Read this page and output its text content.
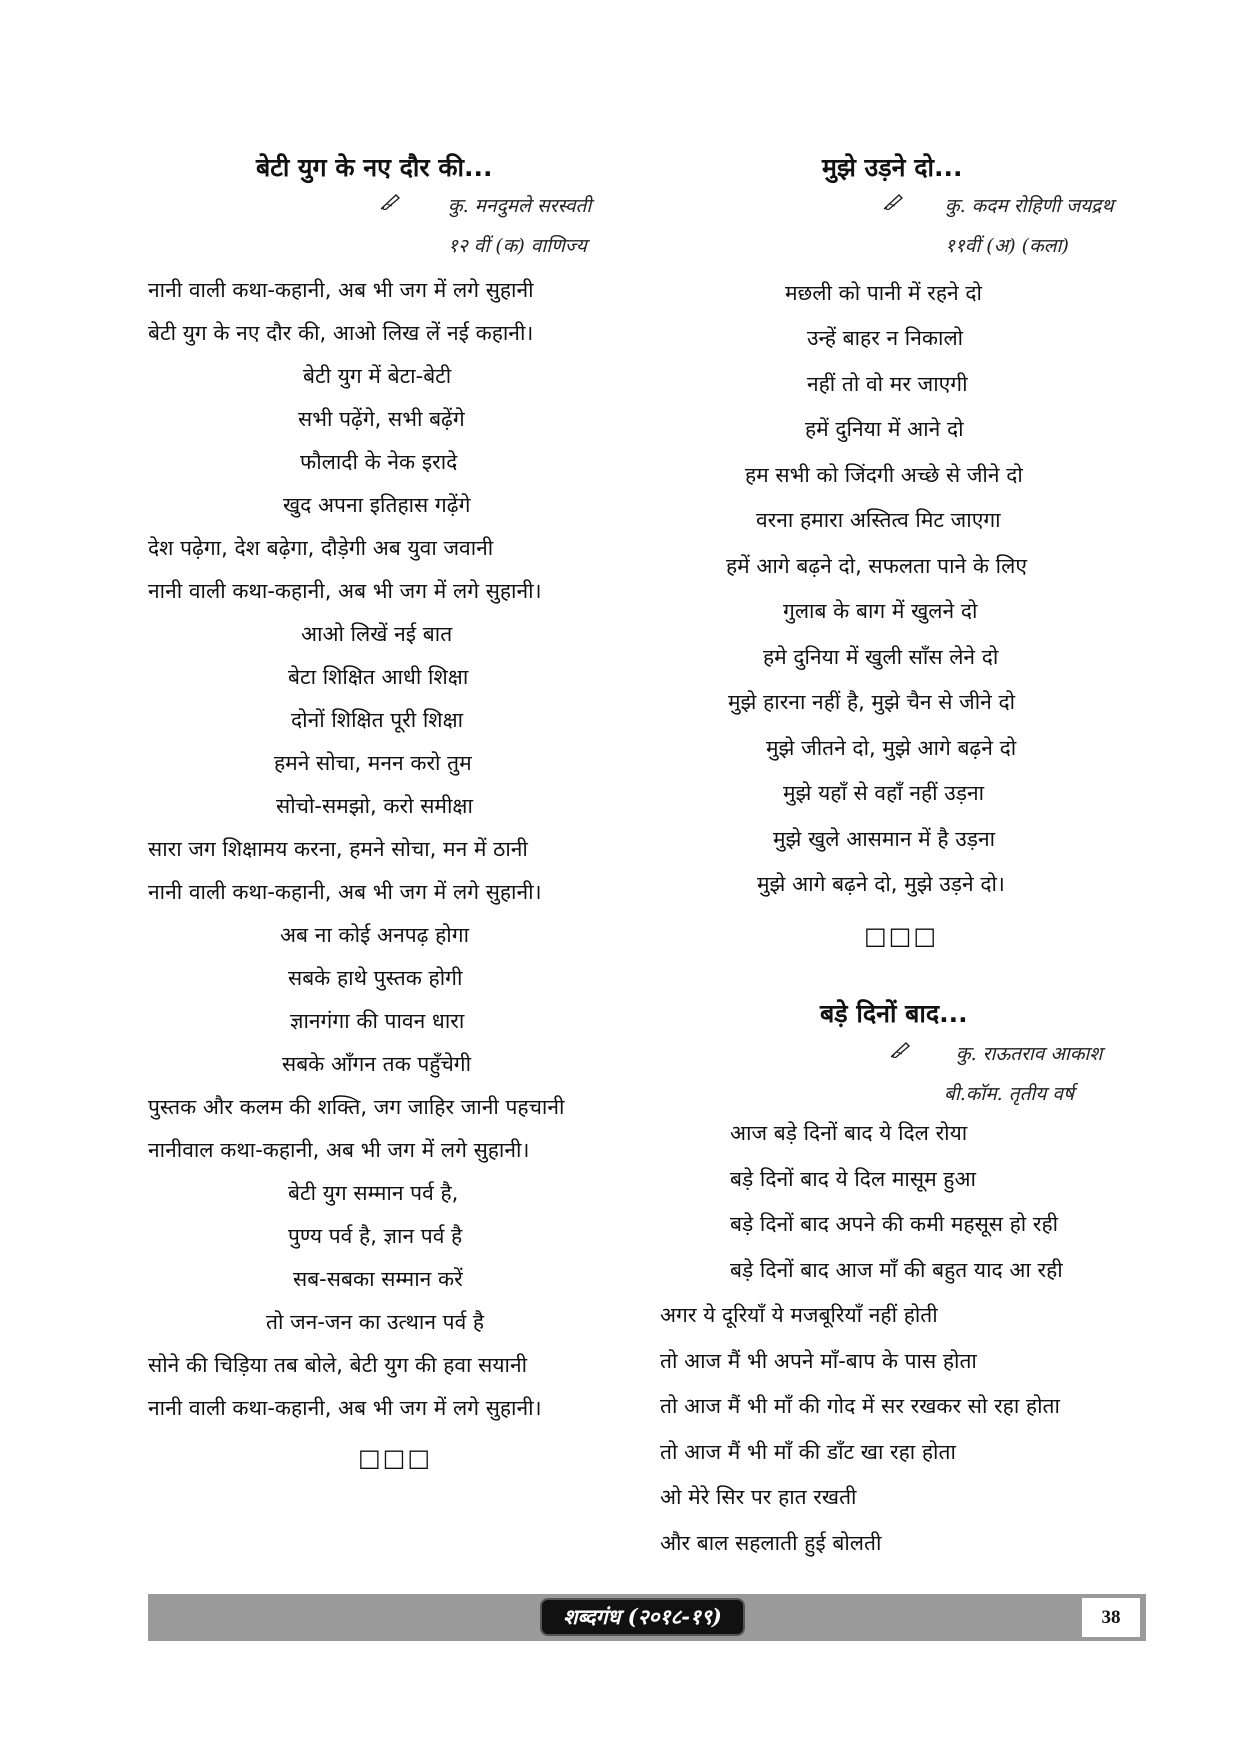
बेटी युग के नए दौर की...
कु. मनदुमले सरस्वती
१२ वीं (क) वाणिज्य
नानी वाली कथा-कहानी, अब भी जग में लगे सुहानी
बेटी युग के नए दौर की, आओ लिख लें नई कहानी।
बेटी युग में बेटा-बेटी
सभी पढ़ेंगे, सभी बढ़ेंगे
फौलादी के नेक इरादे
खुद अपना इतिहास गढ़ेंगे
देश पढ़ेगा, देश बढ़ेगा, दौड़ेगी अब युवा जवानी
नानी वाली कथा-कहानी, अब भी जग में लगे सुहानी।
आओ लिखें नई बात
बेटा शिक्षित आधी शिक्षा
दोनों शिक्षित पूरी शिक्षा
हमने सोचा, मनन करो तुम
सोचो-समझो, करो समीक्षा
सारा जग शिक्षामय करना, हमने सोचा, मन में ठानी
नानी वाली कथा-कहानी, अब भी जग में लगे सुहानी।
अब ना कोई अनपढ़ होगा
सबके हाथे पुस्तक होगी
ज्ञानगंगा की पावन धारा
सबके आँगन तक पहुँचेगी
पुस्तक और कलम की शक्ति, जग जाहिर जानी पहचानी
नानीवाल कथा-कहानी, अब भी जग में लगे सुहानी।
बेटी युग सम्मान पर्व है,
पुण्य पर्व है, ज्ञान पर्व है
सब-सबका सम्मान करें
तो जन-जन का उत्थान पर्व है
सोने की चिड़िया तब बोले, बेटी युग की हवा सयानी
नानी वाली कथा-कहानी, अब भी जग में लगे सुहानी।
□□□
मुझे उड़ने दो...
कु. कदम रोहिणी जयद्रथ
११वीं (अ) (कला)
मछली को पानी में रहने दो
उन्हें बाहर न निकालो
नहीं तो वो मर जाएगी
हमें दुनिया में आने दो
हम सभी को जिंदगी अच्छे से जीने दो
वरना हमारा अस्तित्व मिट जाएगा
हमें आगे बढ़ने दो, सफलता पाने के लिए
गुलाब के बाग में खुलने दो
हमे दुनिया में खुली साँस लेने दो
मुझे हारना नहीं है, मुझे चैन से जीने दो
मुझे जीतने दो, मुझे आगे बढ़ने दो
मुझे यहाँ से वहाँ नहीं उड़ना
मुझे खुले आसमान में है उड़ना
मुझे आगे बढ़ने दो, मुझे उड़ने दो।
□□□
बड़े दिनों बाद...
कु. राऊतराव आकाश
बी.कॉम. तृतीय वर्ष
आज बड़े दिनों बाद ये दिल रोया
बड़े दिनों बाद ये दिल मासूम हुआ
बड़े दिनों बाद अपने की कमी महसूस हो रही
बड़े दिनों बाद आज माँ की बहुत याद आ रही
अगर ये दूरियाँ ये मजबूरियाँ नहीं होती
तो आज मैं भी अपने माँ-बाप के पास होता
तो आज मैं भी माँ की गोद में सर रखकर सो रहा होता
तो आज मैं भी माँ की डाँट खा रहा होता
ओ मेरे सिर पर हात रखती
और बाल सहलाती हुई बोलती
शब्दगंध (२०१८-१९)	38
